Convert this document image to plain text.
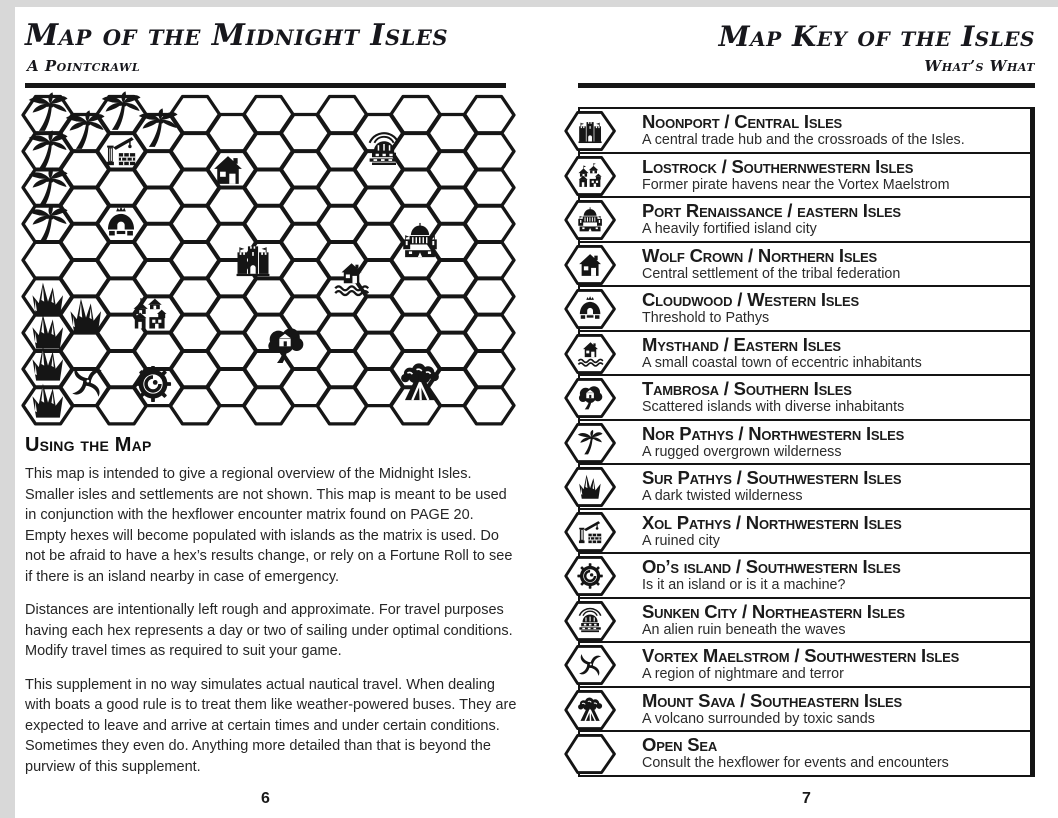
Map of the Midnight Isles
A Pointcrawl
Using the Map

This map is intended to give a regional overview of the Midnight Isles. Smaller isles and settlements are not shown. This map is meant to be used in conjunction with the hexflower encounter matrix found on PAGE 20. Empty hexes will become populated with islands as the matrix is used. Do not be afraid to have a hex’s results change, or rely on a Fortune Roll to see if there is an island nearby in case of emergency.

Distances are intentionally left rough and approximate. For travel purposes having each hex represents a day or two of sailing under optimal conditions. Modify travel times as required to suit your game.

This supplement in no way simulates actual nautical travel. When dealing with boats a good rule is to treat them like weather-powered buses. They are expected to leave and arrive at certain times and under certain conditions. Sometimes they even do. Anything more detailed than that is beyond the purview of this supplement.

6
Map Key of the Isles
What’s What
Noonport / Central Isles
A central trade hub and the crossroads of the Isles.
Lostrock / Southernwestern Isles
Former pirate havens near the Vortex Maelstrom
Port Renaissance / eastern Isles
A heavily fortified island city
Wolf Crown / Northern Isles
Central settlement of the tribal federation
Cloudwood / Western Isles
Threshold to Pathys
Mysthand / Eastern Isles
A small coastal town of eccentric inhabitants
Tambrosa / Southern Isles
Scattered islands with diverse inhabitants
Nor Pathys / Northwestern Isles
A rugged overgrown wilderness
Sur Pathys / Southwestern Isles
A dark twisted wilderness
Xol Pathys / Northwestern Isles
A ruined city
Od’s island / Southwestern Isles
Is it an island or is it a machine?
Sunken City / Northeastern Isles
An alien ruin beneath the waves
Vortex Maelstrom / Southwestern Isles
A region of nightmare and terror
Mount Sava / Southeastern Isles
A volcano surrounded by toxic sands
Open Sea
Consult the hexflower for events and encounters
7
